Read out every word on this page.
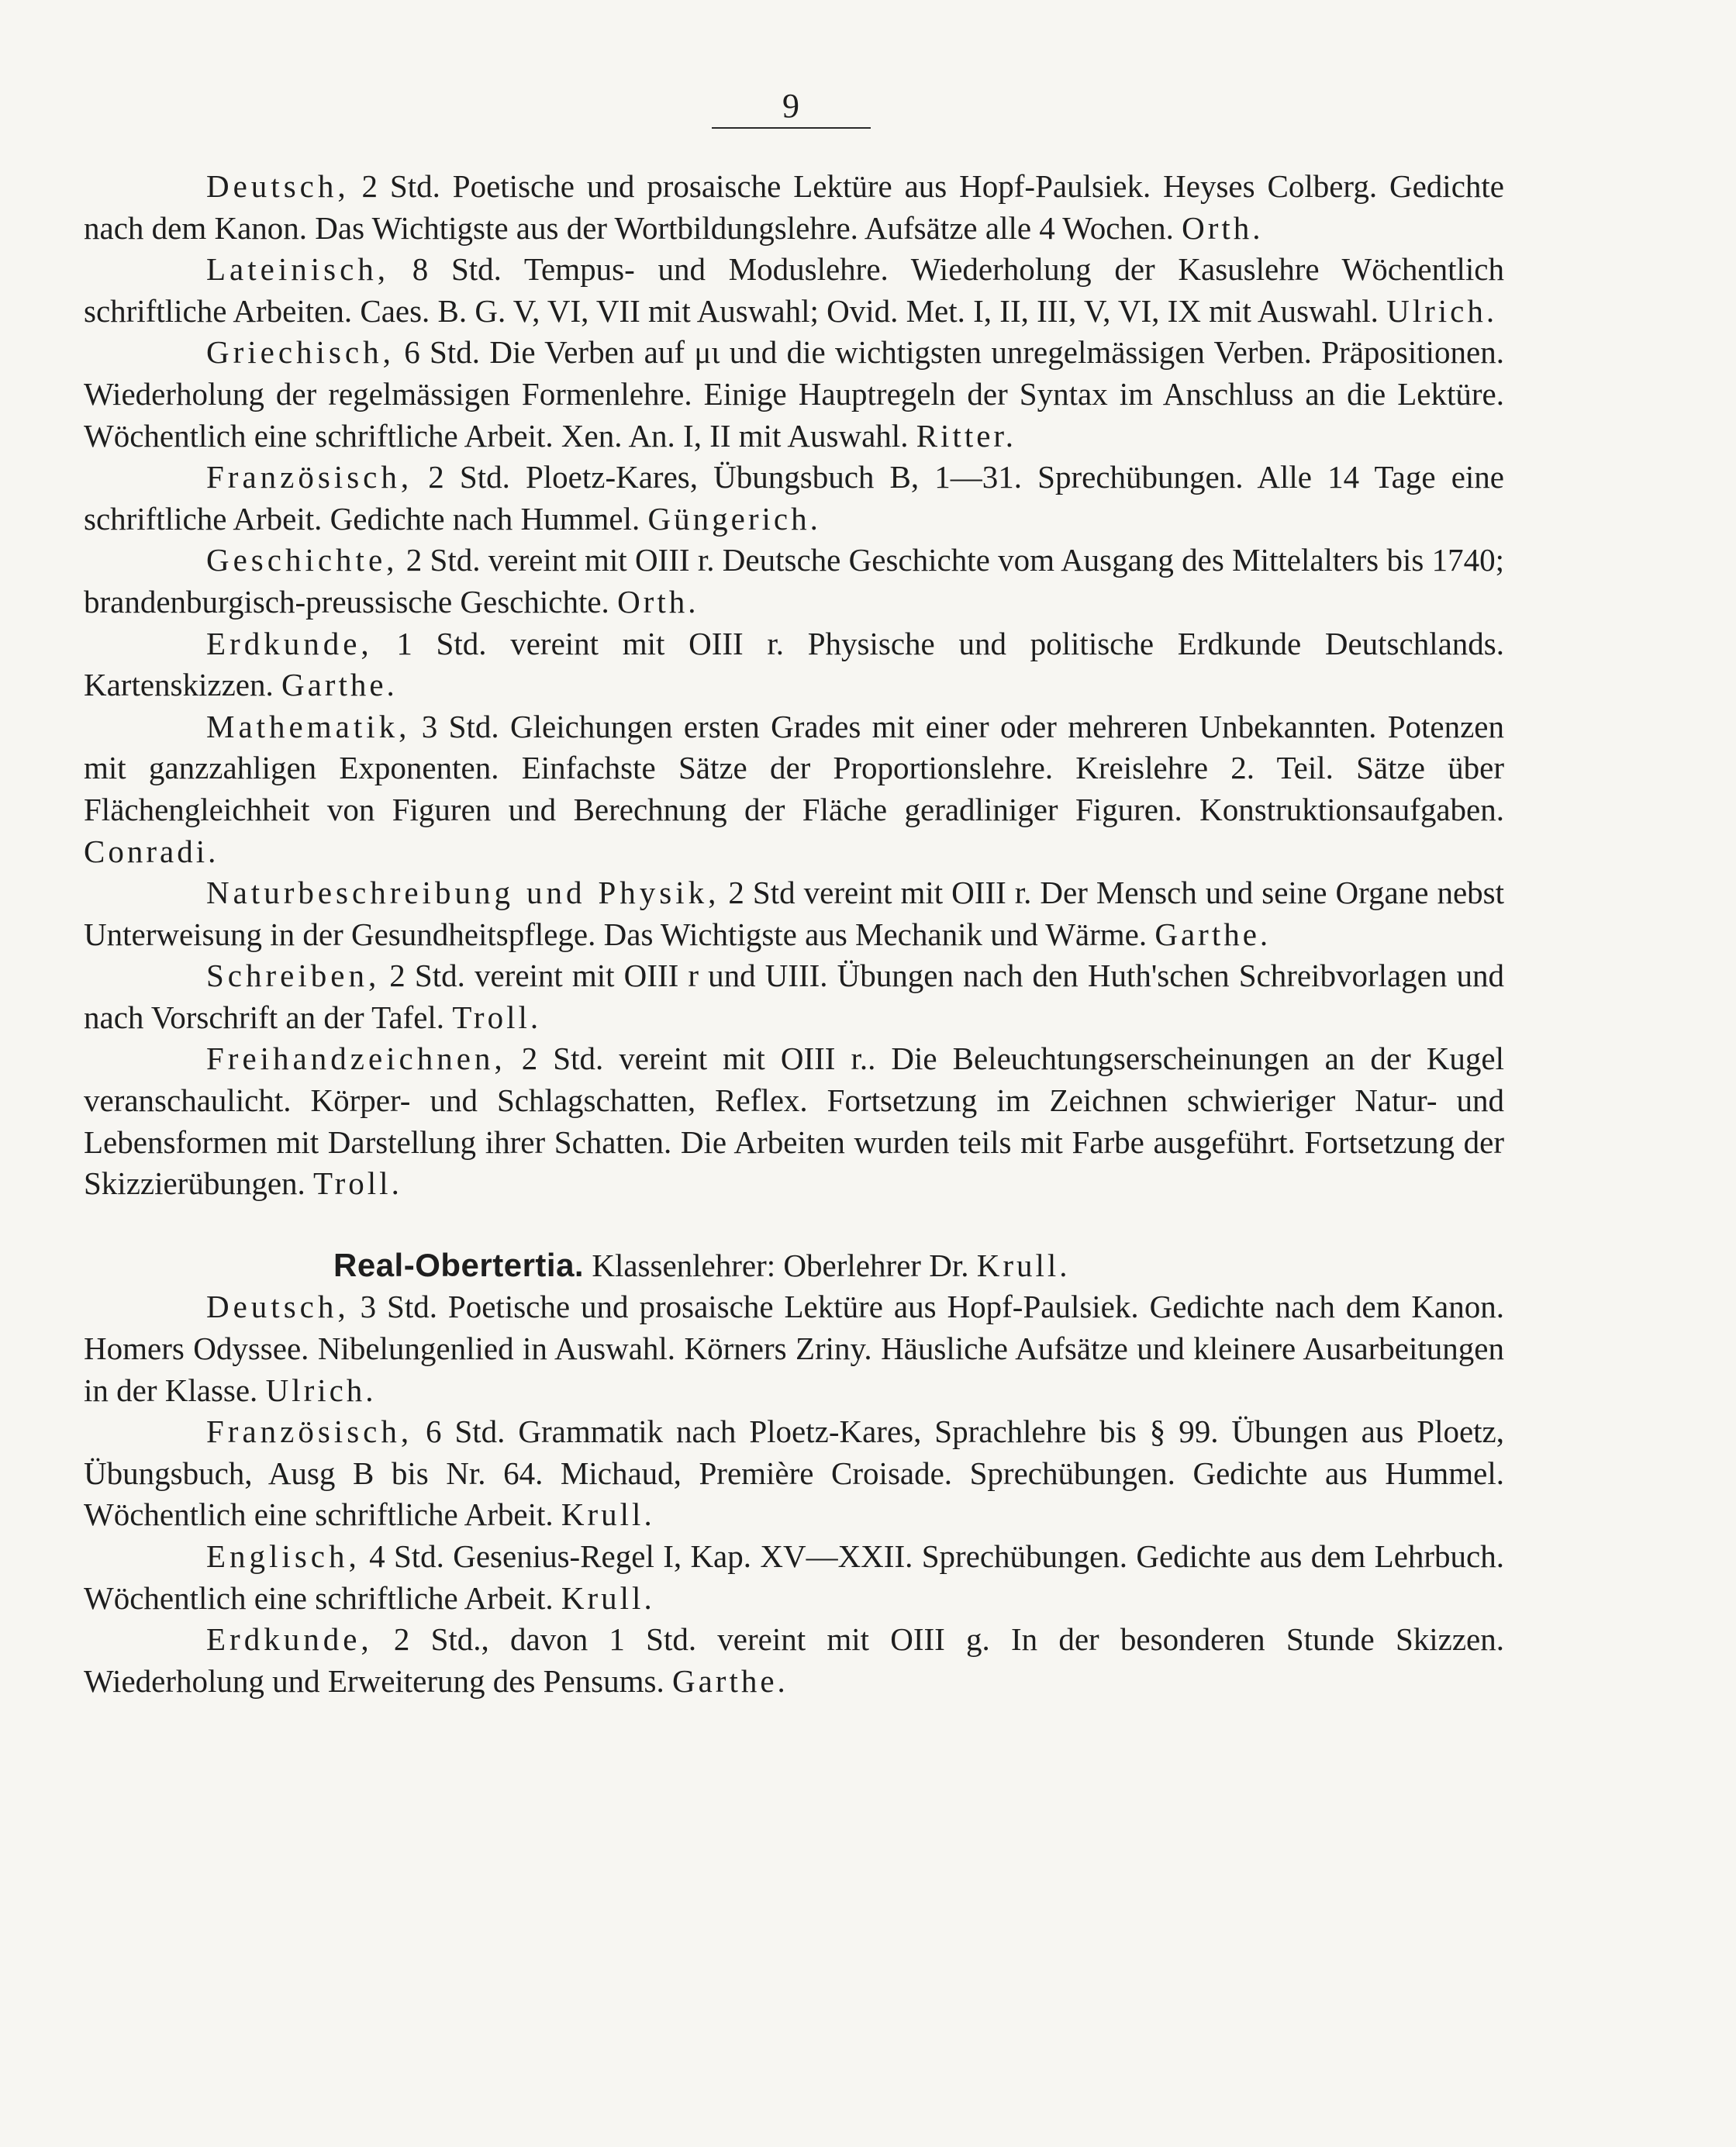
9

Deutsch, 2 Std. Poetische und prosaische Lektüre aus Hopf-Paulsiek. Heyses Colberg. Gedichte nach dem Kanon. Das Wichtigste aus der Wortbildungslehre. Aufsätze alle 4 Wochen. Orth.

Lateinisch, 8 Std. Tempus- und Moduslehre. Wiederholung der Kasuslehre Wöchentlich schriftliche Arbeiten. Caes. B. G. V, VI, VII mit Auswahl; Ovid. Met. I, II, III, V, VI, IX mit Auswahl. Ulrich.

Griechisch, 6 Std. Die Verben auf μι und die wichtigsten unregelmässigen Verben. Präpositionen. Wiederholung der regelmässigen Formenlehre. Einige Hauptregeln der Syntax im Anschluss an die Lektüre. Wöchentlich eine schriftliche Arbeit. Xen. An. I, II mit Auswahl. Ritter.

Französisch, 2 Std. Ploetz-Kares, Übungsbuch B, 1—31. Sprechübungen. Alle 14 Tage eine schriftliche Arbeit. Gedichte nach Hummel. Güngerich.

Geschichte, 2 Std. vereint mit OIII r. Deutsche Geschichte vom Ausgang des Mittelalters bis 1740; brandenburgisch-preussische Geschichte. Orth.

Erdkunde, 1 Std. vereint mit OIII r. Physische und politische Erdkunde Deutschlands. Kartenskizzen. Garthe.

Mathematik, 3 Std. Gleichungen ersten Grades mit einer oder mehreren Unbekannten. Potenzen mit ganzzahligen Exponenten. Einfachste Sätze der Proportionslehre. Kreislehre 2. Teil. Sätze über Flächengleichheit von Figuren und Berechnung der Fläche geradliniger Figuren. Konstruktionsaufgaben. Conradi.

Naturbeschreibung und Physik, 2 Std vereint mit OIII r. Der Mensch und seine Organe nebst Unterweisung in der Gesundheitspflege. Das Wichtigste aus Mechanik und Wärme. Garthe.

Schreiben, 2 Std. vereint mit OIII r und UIII. Übungen nach den Huth'schen Schreibvorlagen und nach Vorschrift an der Tafel. Troll.

Freihandzeichnen, 2 Std. vereint mit OIII r.. Die Beleuchtungserscheinungen an der Kugel veranschaulicht. Körper- und Schlagschatten, Reflex. Fortsetzung im Zeichnen schwieriger Natur- und Lebensformen mit Darstellung ihrer Schatten. Die Arbeiten wurden teils mit Farbe ausgeführt. Fortsetzung der Skizzierübungen. Troll.

Real-Obertertia. Klassenlehrer: Oberlehrer Dr. Krull.

Deutsch, 3 Std. Poetische und prosaische Lektüre aus Hopf-Paulsiek. Gedichte nach dem Kanon. Homers Odyssee. Nibelungenlied in Auswahl. Körners Zriny. Häusliche Aufsätze und kleinere Ausarbeitungen in der Klasse. Ulrich.

Französisch, 6 Std. Grammatik nach Ploetz-Kares, Sprachlehre bis § 99. Übungen aus Ploetz, Übungsbuch, Ausg B bis Nr. 64. Michaud, Première Croisade. Sprechübungen. Gedichte aus Hummel. Wöchentlich eine schriftliche Arbeit. Krull.

Englisch, 4 Std. Gesenius-Regel I, Kap. XV—XXII. Sprechübungen. Gedichte aus dem Lehrbuch. Wöchentlich eine schriftliche Arbeit. Krull.

Erdkunde, 2 Std., davon 1 Std. vereint mit OIII g. In der besonderen Stunde Skizzen. Wiederholung und Erweiterung des Pensums. Garthe.
